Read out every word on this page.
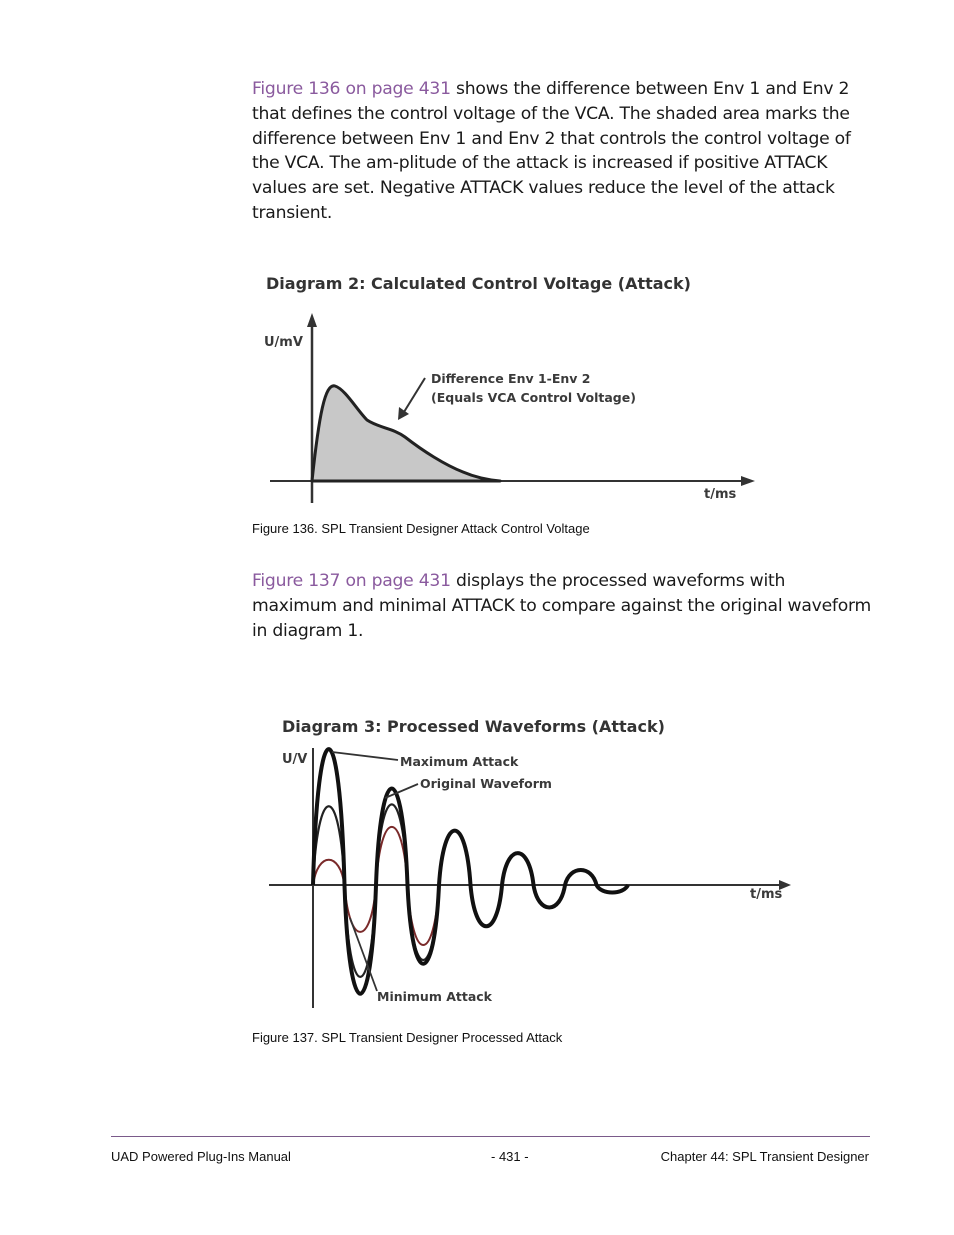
Figure 136 on page 431 shows the difference between Env 1 and Env 2 that defines the control voltage of the VCA. The shaded area marks the difference between Env 1 and Env 2 that controls the control voltage of the VCA. The am-plitude of the attack is increased if positive ATTACK values are set. Negative ATTACK values reduce the level of the attack transient.
Diagram 2: Calculated Control Voltage (Attack)
U/mV
t/ms
Difference Env 1-Env 2
(Equals VCA Control Voltage)
Figure 136. SPL Transient Designer Attack Control Voltage
Figure 137 on page 431 displays the processed waveforms with maximum and minimal ATTACK to compare against the original waveform in diagram 1.
Diagram 3: Processed Waveforms (Attack)
U/V
t/ms
Maximum Attack
Original Waveform
Minimum Attack
Figure 137. SPL Transient Designer Processed Attack
UAD Powered Plug-Ins Manual	- 431 -	Chapter 44: SPL Transient Designer
